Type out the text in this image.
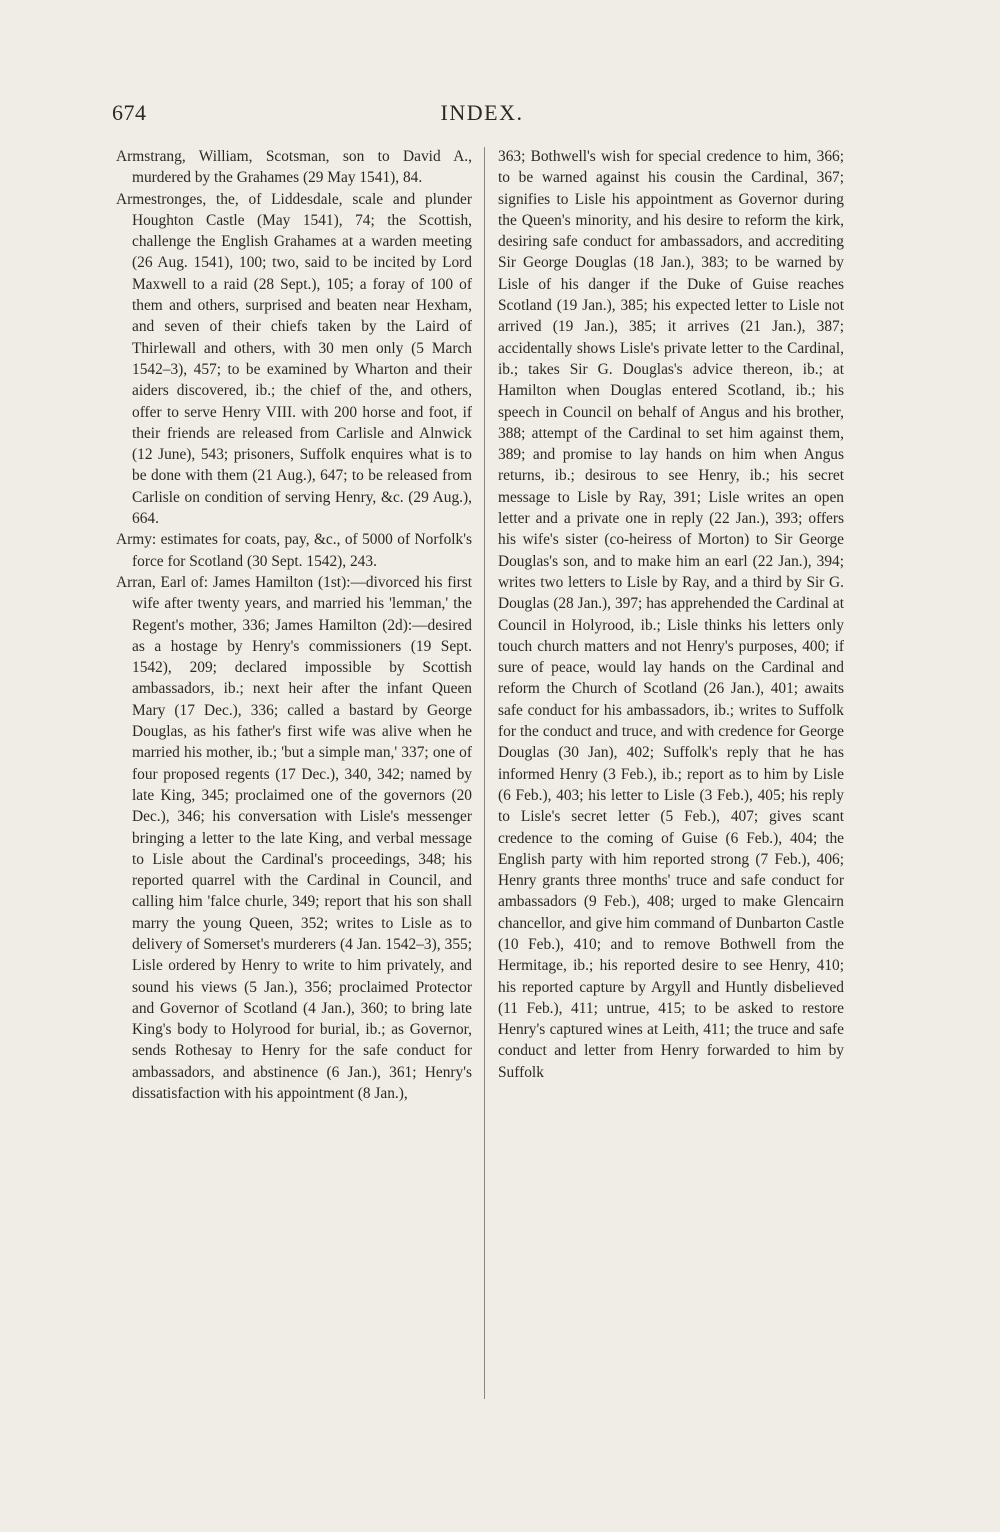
674	INDEX.

Armstrang, William, Scotsman, son to David A., murdered by the Grahames (29 May 1541), 84.

Armestronges, the, of Liddesdale, scale and plunder Houghton Castle (May 1541), 74; the Scottish, challenge the English Grahames at a warden meeting (26 Aug. 1541), 100; two, said to be incited by Lord Maxwell to a raid (28 Sept.), 105; a foray of 100 of them and others, surprised and beaten near Hexham, and seven of their chiefs taken by the Laird of Thirlewall and others, with 30 men only (5 March 1542–3), 457; to be examined by Wharton and their aiders discovered, ib.; the chief of the, and others, offer to serve Henry VIII. with 200 horse and foot, if their friends are released from Carlisle and Alnwick (12 June), 543; prisoners, Suffolk enquires what is to be done with them (21 Aug.), 647; to be released from Carlisle on condition of serving Henry, &c. (29 Aug.), 664.

Army: estimates for coats, pay, &c., of 5000 of Norfolk's force for Scotland (30 Sept. 1542), 243.

Arran, Earl of: James Hamilton (1st):—divorced his first wife after twenty years, and married his 'lemman,' the Regent's mother, 336; James Hamilton (2d):—desired as a hostage by Henry's commissioners (19 Sept. 1542), 209; declared impossible by Scottish ambassadors, ib.; next heir after the infant Queen Mary (17 Dec.), 336; called a bastard by George Douglas, as his father's first wife was alive when he married his mother, ib.; 'but a simple man,' 337; one of four proposed regents (17 Dec.), 340, 342; named by late King, 345; proclaimed one of the governors (20 Dec.), 346; his conversation with Lisle's messenger bringing a letter to the late King, and verbal message to Lisle about the Cardinal's proceedings, 348; his reported quarrel with the Cardinal in Council, and calling him 'falce churle, 349; report that his son shall marry the young Queen, 352; writes to Lisle as to delivery of Somerset's murderers (4 Jan. 1542–3), 355; Lisle ordered by Henry to write to him privately, and sound his views (5 Jan.), 356; proclaimed Protector and Governor of Scotland (4 Jan.), 360; to bring late King's body to Holyrood for burial, ib.; as Governor, sends Rothesay to Henry for the safe conduct for ambassadors, and abstinence (6 Jan.), 361; Henry's dissatisfaction with his appointment (8 Jan.),

363; Bothwell's wish for special credence to him, 366; to be warned against his cousin the Cardinal, 367; signifies to Lisle his appointment as Governor during the Queen's minority, and his desire to reform the kirk, desiring safe conduct for ambassadors, and accrediting Sir George Douglas (18 Jan.), 383; to be warned by Lisle of his danger if the Duke of Guise reaches Scotland (19 Jan.), 385; his expected letter to Lisle not arrived (19 Jan.), 385; it arrives (21 Jan.), 387; accidentally shows Lisle's private letter to the Cardinal, ib.; takes Sir G. Douglas's advice thereon, ib.; at Hamilton when Douglas entered Scotland, ib.; his speech in Council on behalf of Angus and his brother, 388; attempt of the Cardinal to set him against them, 389; and promise to lay hands on him when Angus returns, ib.; desirous to see Henry, ib.; his secret message to Lisle by Ray, 391; Lisle writes an open letter and a private one in reply (22 Jan.), 393; offers his wife's sister (co-heiress of Morton) to Sir George Douglas's son, and to make him an earl (22 Jan.), 394; writes two letters to Lisle by Ray, and a third by Sir G. Douglas (28 Jan.), 397; has apprehended the Cardinal at Council in Holyrood, ib.; Lisle thinks his letters only touch church matters and not Henry's purposes, 400; if sure of peace, would lay hands on the Cardinal and reform the Church of Scotland (26 Jan.), 401; awaits safe conduct for his ambassadors, ib.; writes to Suffolk for the conduct and truce, and with credence for George Douglas (30 Jan), 402; Suffolk's reply that he has informed Henry (3 Feb.), ib.; report as to him by Lisle (6 Feb.), 403; his letter to Lisle (3 Feb.), 405; his reply to Lisle's secret letter (5 Feb.), 407; gives scant credence to the coming of Guise (6 Feb.), 404; the English party with him reported strong (7 Feb.), 406; Henry grants three months' truce and safe conduct for ambassadors (9 Feb.), 408; urged to make Glencairn chancellor, and give him command of Dunbarton Castle (10 Feb.), 410; and to remove Bothwell from the Hermitage, ib.; his reported desire to see Henry, 410; his reported capture by Argyll and Huntly disbelieved (11 Feb.), 411; untrue, 415; to be asked to restore Henry's captured wines at Leith, 411; the truce and safe conduct and letter from Henry forwarded to him by Suffolk
